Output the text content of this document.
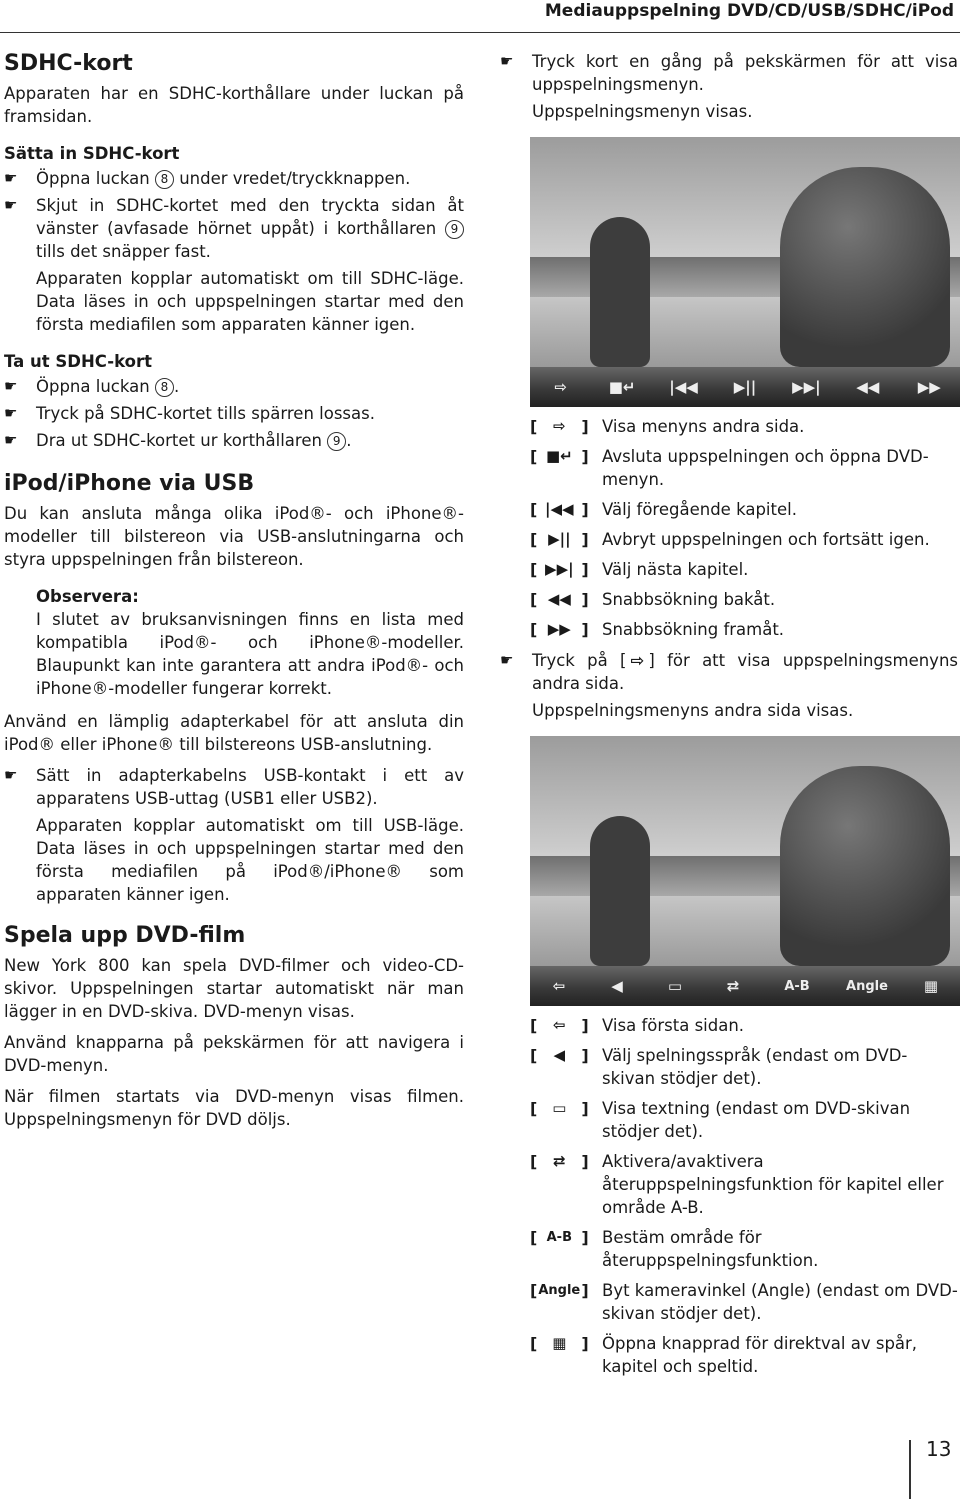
Mediauppspelning DVD/CD/USB/SDHC/iPod
SDHC-kort

Apparaten har en SDHC-korthållare under luckan på framsidan.

Sätta in SDHC-kort
☛ Öppna luckan 8 under vredet/tryckknappen.
☛ Skjut in SDHC-kortet med den tryckta sidan åt vänster (avfasade hörnet uppåt) i korthållaren 9 tills det snäpper fast.

Apparaten kopplar automatiskt om till SDHC-läge. Data läses in och uppspelningen startar med den första mediafilen som apparaten känner igen.

Ta ut SDHC-kort
☛ Öppna luckan 8 .
☛ Tryck på SDHC-kortet tills spärren lossas.
☛ Dra ut SDHC-kortet ur korthållaren 9 .
iPod/iPhone via USB

Du kan ansluta många olika iPod®- och iPhone®-modeller till bilstereon via USB-anslutningarna och styra uppspelningen från bilstereon.

Observera:
I slutet av bruksanvisningen finns en lista med kompatibla iPod®- och iPhone®-modeller. Blaupunkt kan inte garantera att andra iPod®- och iPhone®-modeller fungerar korrekt.

Använd en lämplig adapterkabel för att ansluta din iPod® eller iPhone® till bilstereons USB-anslutning.

☛ Sätt in adapterkabelns USB-kontakt i ett av apparatens USB-uttag (USB1 eller USB2).

Apparaten kopplar automatiskt om till USB-läge. Data läses in och uppspelningen startar med den första mediafilen på iPod®/iPhone® som apparaten känner igen.

Spela upp DVD-film

New York 800 kan spela DVD-filmer och video-CD-skivor. Uppspelningen startar automatiskt när man lägger in en DVD-skiva. DVD-menyn visas.

Använd knapparna på pekskärmen för att navigera i DVD-menyn.

När filmen startats via DVD-menyn visas filmen. Uppspelningsmenyn för DVD döljs.

☛ Tryck kort en gång på pekskärmen för att visa uppspelningsmenyn.

Uppspelningsmenyn visas.

⇨	■↵	|◀◀	▶||	▶▶|	◀◀	▶▶
[	⇨ ] Visa menyns andra sida.
[ ■↵ ] Avsluta uppspelningen och öppna DVD-menyn.
[ |◀◀ ] Välj föregående kapitel.
[ ▶|| ] Avbryt uppspelningen och fortsätt igen.
[ ▶▶| ] Välj nästa kapitel.
[ ◀◀ ] Snabbsökning bakåt.
[ ▶▶ ] Snabbsökning framåt.
☛ Tryck på [ ⇨ ] för att visa uppspelningsmenyns andra sida.

Uppspelningsmenyns andra sida visas.

⇦	◀	▭	⇄	A-B	Angle	▦
[	⇦ ] Visa första sidan.
[	◀	] Välj spelningsspråk (endast om DVD-skivan stödjer det).
[ ▭ ] Visa textning (endast om DVD-skivan stödjer det).
[	⇄ ] Aktivera/avaktivera återuppspelningsfunktion för kapitel eller område A-B.
[ A-B ] Bestäm område för återuppspelningsfunktion.
[ Angle ] Byt kameravinkel (Angle) (endast om DVD-skivan stödjer det).
[ ▦ ] Öppna knapprad för direktval av spår, kapitel och speltid.
13
